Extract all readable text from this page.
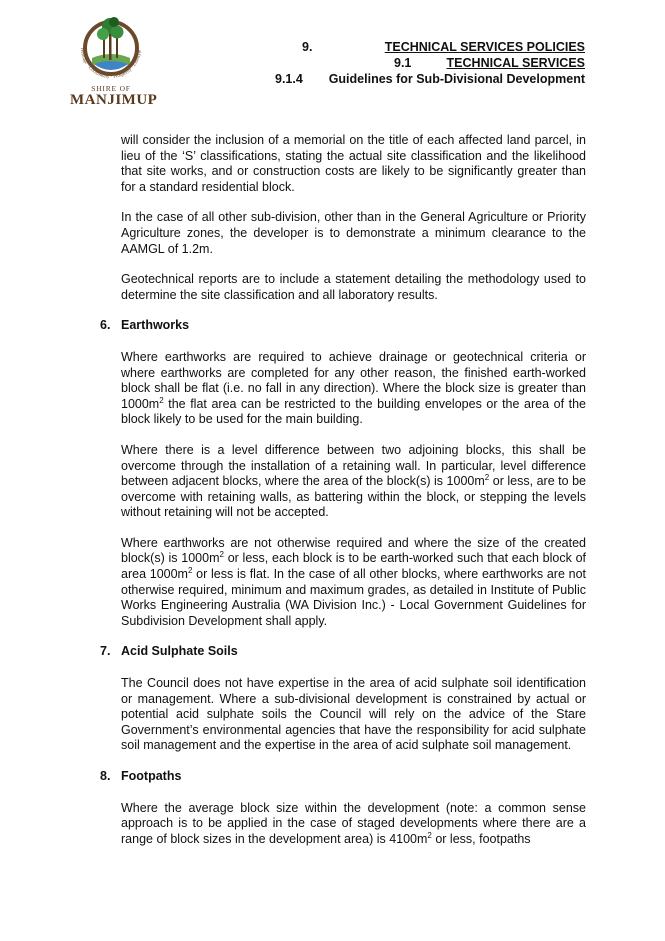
Heritage · Community · Prosperity · Lifestyle
SHIRE OF
MANJIMUP
9.	TECHNICAL SERVICES POLICIES
9.1	TECHNICAL SERVICES
9.1.4 Guidelines for Sub-Divisional Development

will consider the inclusion of a memorial on the title of each affected land parcel, in lieu of the ‘S’ classifications, stating the actual site classification and the likelihood that site works, and or construction costs are likely to be significantly greater than for a standard residential block.

In the case of all other sub-division, other than in the General Agriculture or Priority Agriculture zones, the developer is to demonstrate a minimum clearance to the AAMGL of 1.2m.

Geotechnical reports are to include a statement detailing the methodology used to determine the site classification and all laboratory results.

6. Earthworks

Where earthworks are required to achieve drainage or geotechnical criteria or where earthworks are completed for any other reason, the finished earth-worked block shall be flat (i.e. no fall in any direction). Where the block size is greater than $1000m^2$ the flat area can be restricted to the building envelopes or the area of the block likely to be used for the main building.

Where there is a level difference between two adjoining blocks, this shall be overcome through the installation of a retaining wall. In particular, level difference between adjacent blocks, where the area of the block(s) is $1000m^2$ or less, are to be overcome with retaining walls, as battering within the block, or stepping the levels without retaining will not be accepted.

Where earthworks are not otherwise required and where the size of the created block(s) is $1000m^2$ or less, each block is to be earth-worked such that each block of area $1000m^2$ or less is flat. In the case of all other blocks, where earthworks are not otherwise required, minimum and maximum grades, as detailed in Institute of Public Works Engineering Australia (WA Division Inc.) - Local Government Guidelines for Subdivision Development shall apply.

7. Acid Sulphate Soils

The Council does not have expertise in the area of acid sulphate soil identification or management. Where a sub-divisional development is constrained by actual or potential acid sulphate soils the Council will rely on the advice of the Stare Government’s environmental agencies that have the responsibility for acid sulphate soil management and the expertise in the area of acid sulphate soil management.

8. Footpaths

Where the average block size within the development (note: a common sense approach is to be applied in the case of staged developments where there are a range of block sizes in the development area) is $4100m^2$ or less, footpaths
